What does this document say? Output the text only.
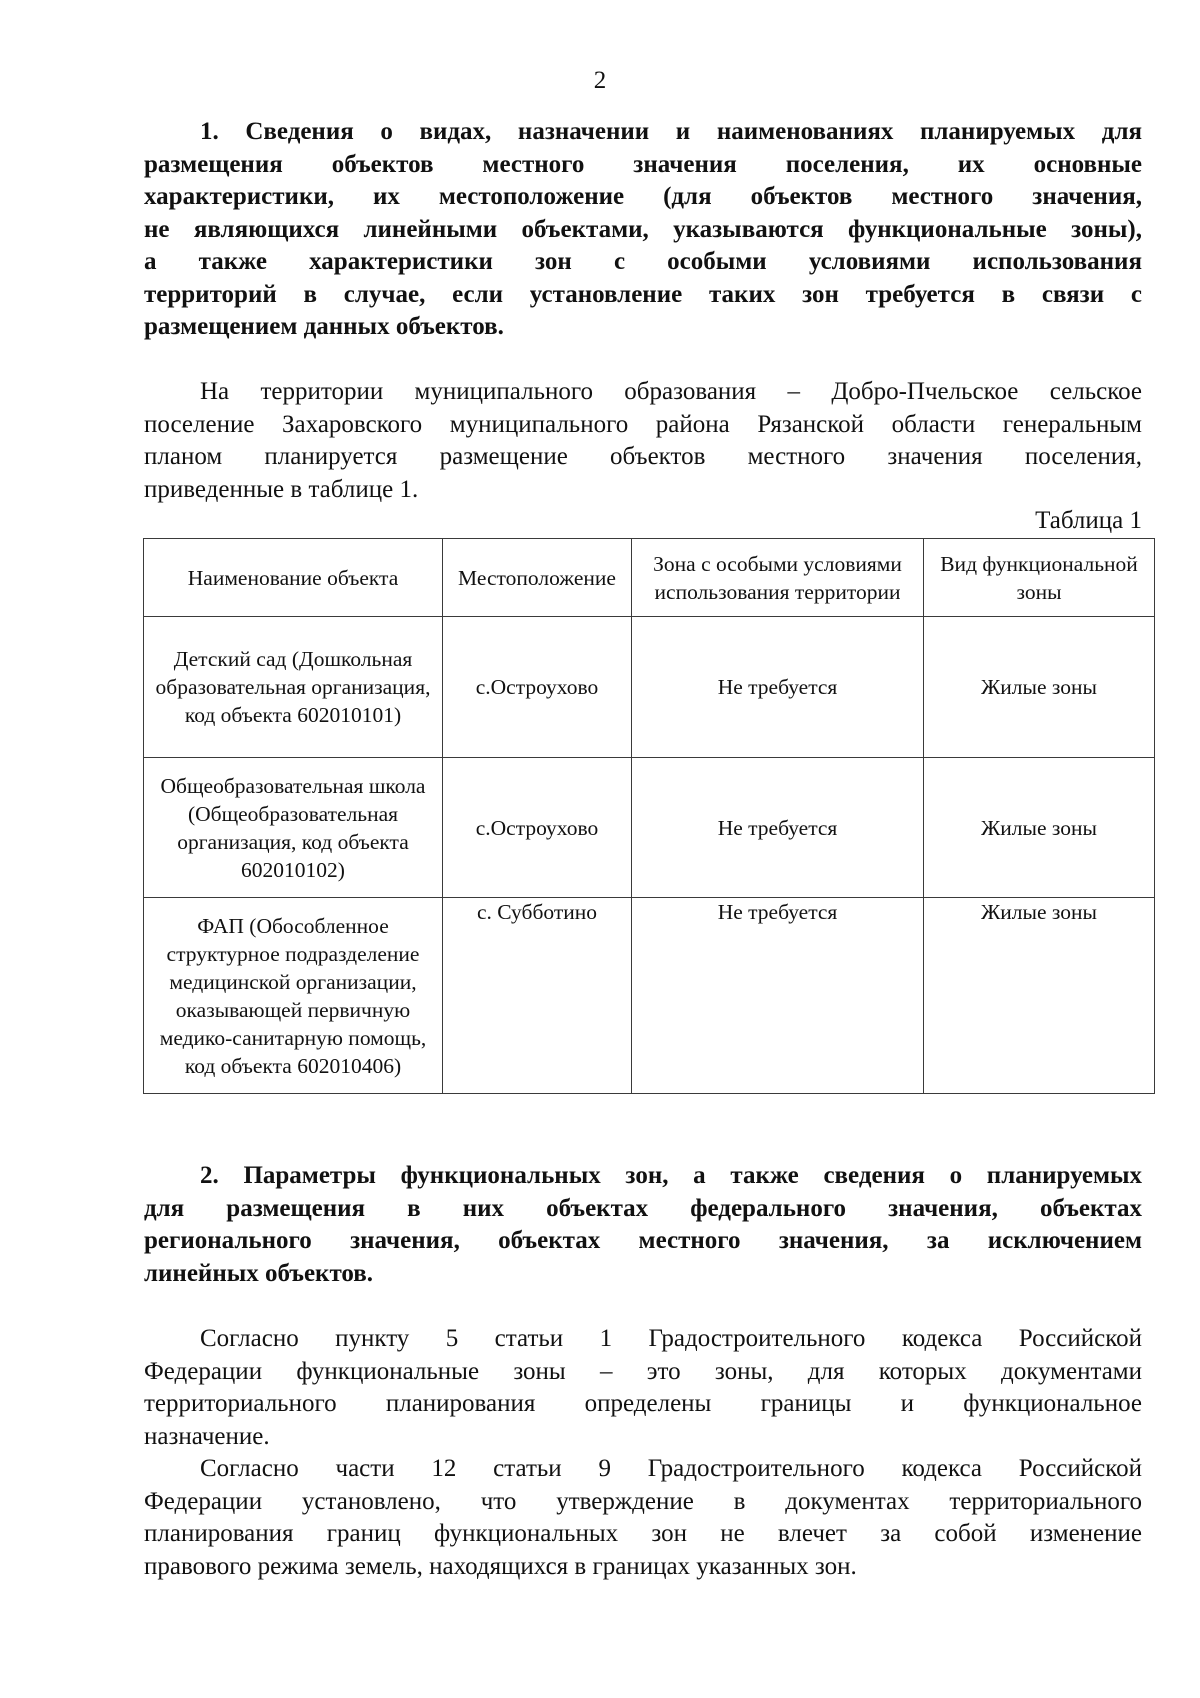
2
1. Сведения о видах, назначении и наименованиях планируемых для
размещения объектов местного значения поселения, их основные
характеристики, их местоположение (для объектов местного значения,
не являющихся линейными объектами, указываются функциональные зоны),
а также характеристики зон с особыми условиями использования
территорий в случае, если установление таких зон требуется в связи с
размещением данных объектов.
На территории муниципального образования – Добро-Пчельское сельское
поселение Захаровского муниципального района Рязанской области генеральным
планом планируется размещение объектов местного значения поселения,
приведенные в таблице 1.
Таблица 1
Наименование объекта	Местоположение	Зона с особыми условиями использования территории	Вид функциональной зоны
Детский сад (Дошкольная образовательная организация, код объекта 602010101)	с.Остроухово	Не требуется	Жилые зоны
Общеобразовательная школа (Общеобразовательная организация, код объекта 602010102)	с.Остроухово	Не требуется	Жилые зоны
ФАП (Обособленное структурное подразделение медицинской организации, оказывающей первичную медико-санитарную помощь, код объекта 602010406)	с. Субботино	Не требуется	Жилые зоны
2. Параметры функциональных зон, а также сведения о планируемых
для размещения в них объектах федерального значения, объектах
регионального значения, объектах местного значения, за исключением
линейных объектов.
Согласно пункту 5 статьи 1 Градостроительного кодекса Российской
Федерации функциональные зоны – это зоны, для которых документами
территориального планирования определены границы и функциональное
назначение.
Согласно части 12 статьи 9 Градостроительного кодекса Российской
Федерации установлено, что утверждение в документах территориального
планирования границ функциональных зон не влечет за собой изменение
правового режима земель, находящихся в границах указанных зон.
